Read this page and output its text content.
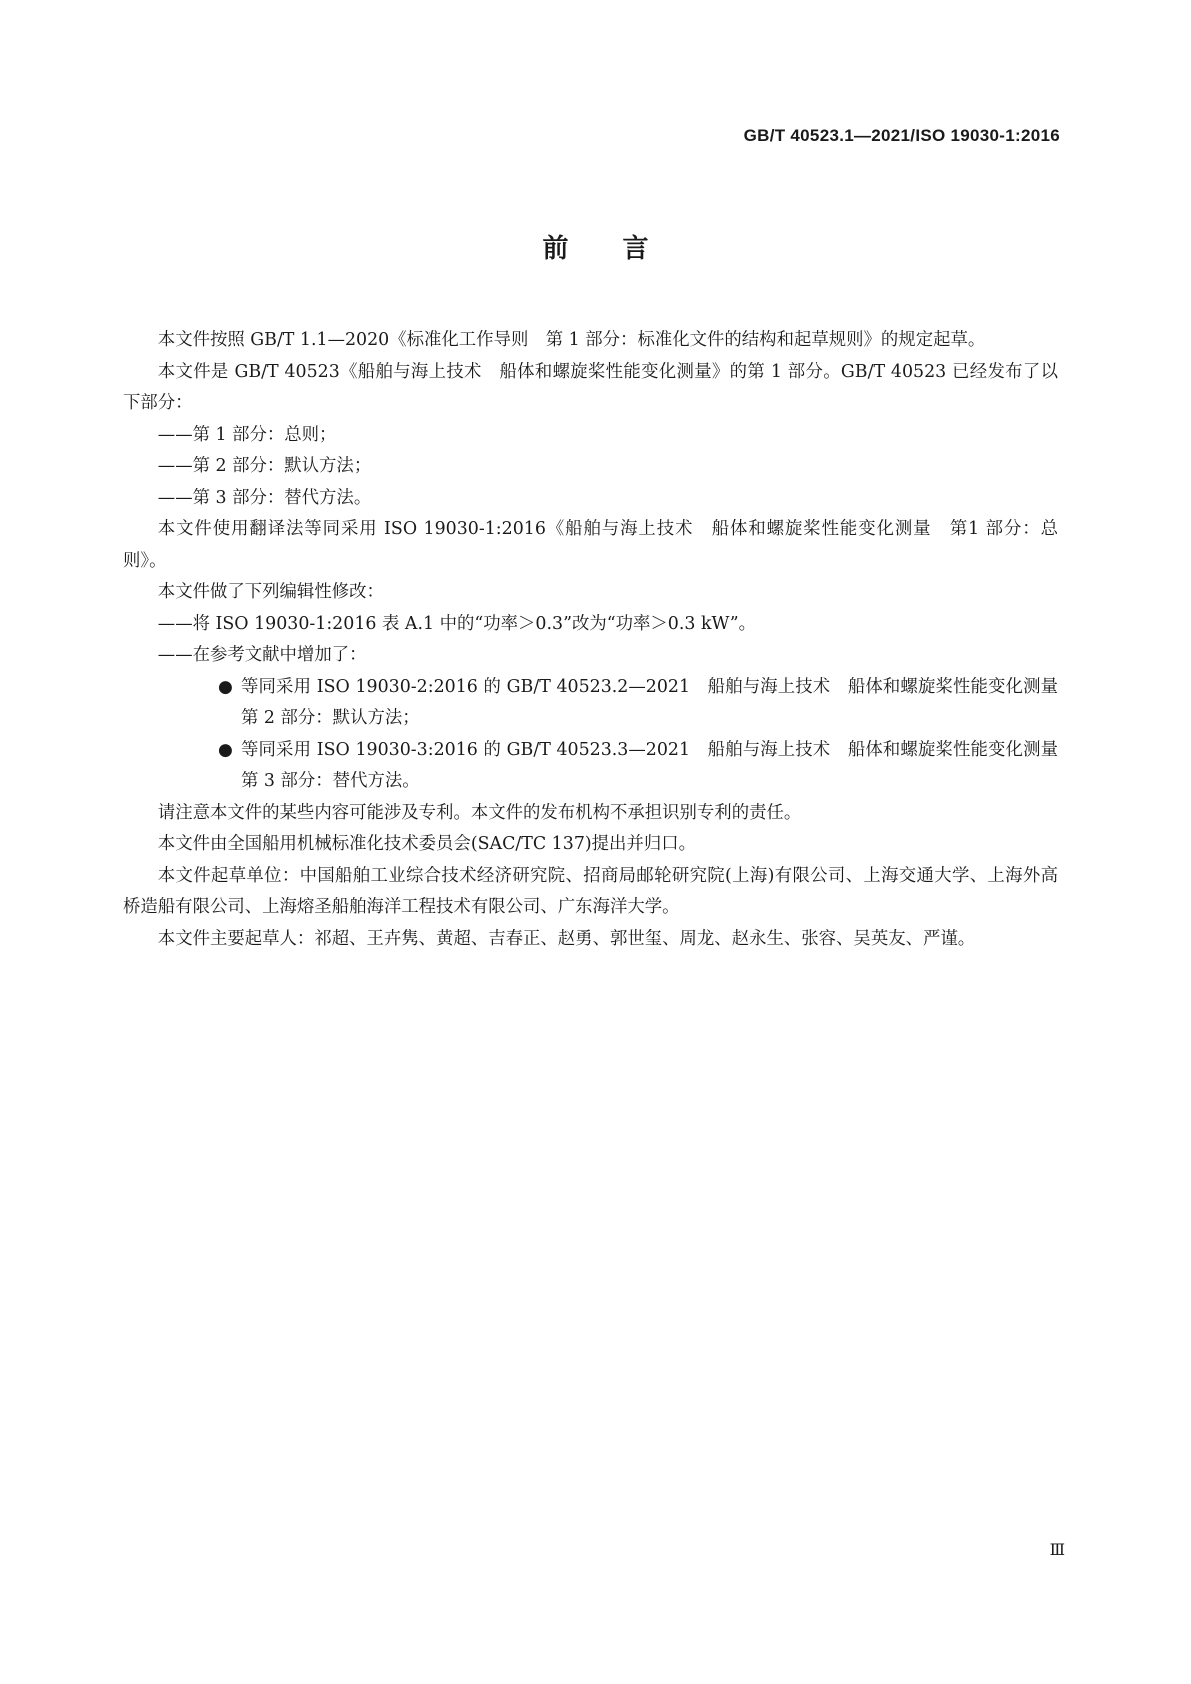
GB/T 40523.1—2021/ISO 19030-1:2016
前言

本文件按照 GB/T 1.1—2020《标准化工作导则　第 1 部分：标准化文件的结构和起草规则》的规定起草。

本文件是 GB/T 40523《船舶与海上技术　船体和螺旋桨性能变化测量》的第 1 部分。GB/T 40523 已经发布了以下部分：

——第 1 部分：总则；

——第 2 部分：默认方法；

——第 3 部分：替代方法。

本文件使用翻译法等同采用 ISO 19030-1:2016《船舶与海上技术　船体和螺旋桨性能变化测量　第1 部分：总则》。

本文件做了下列编辑性修改：

——将 ISO 19030-1:2016 表 A.1 中的“功率＞0.3”改为“功率＞0.3 kW”。

——在参考文献中增加了：

● 等同采用 ISO 19030-2:2016 的 GB/T 40523.2—2021　船舶与海上技术　船体和螺旋桨性能变化测量　第 2 部分：默认方法；

● 等同采用 ISO 19030-3:2016 的 GB/T 40523.3—2021　船舶与海上技术　船体和螺旋桨性能变化测量　第 3 部分：替代方法。

请注意本文件的某些内容可能涉及专利。本文件的发布机构不承担识别专利的责任。

本文件由全国船用机械标准化技术委员会(SAC/TC 137)提出并归口。

本文件起草单位：中国船舶工业综合技术经济研究院、招商局邮轮研究院(上海)有限公司、上海交通大学、上海外高桥造船有限公司、上海熔圣船舶海洋工程技术有限公司、广东海洋大学。

本文件主要起草人：祁超、王卉隽、黄超、吉春正、赵勇、郭世玺、周龙、赵永生、张容、吴英友、严谨。

Ⅲ
